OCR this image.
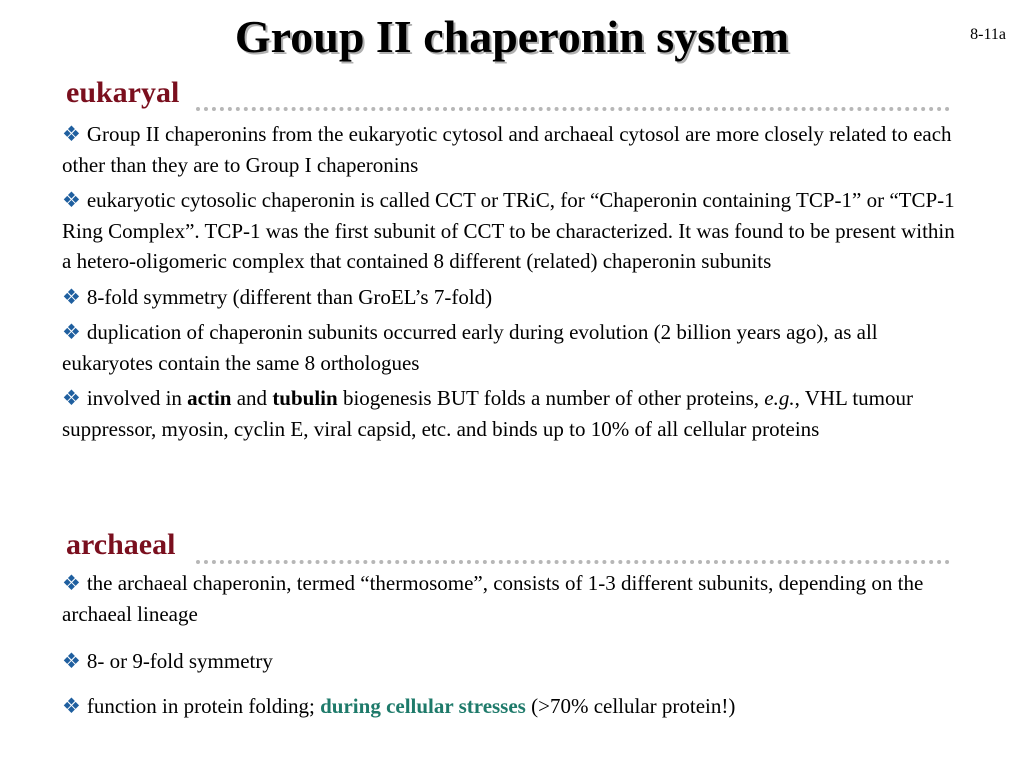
Group II chaperonin system	8-11a
eukaryal

❖ Group II chaperonins from the eukaryotic cytosol and archaeal cytosol are more closely related to each other than they are to Group I chaperonins

❖ eukaryotic cytosolic chaperonin is called CCT or TRiC, for “Chaperonin containing TCP-1” or “TCP-1 Ring Complex”. TCP-1 was the first subunit of CCT to be characterized. It was found to be present within a hetero-oligomeric complex that contained 8 different (related) chaperonin subunits

❖ 8-fold symmetry (different than GroEL’s 7-fold)

❖ duplication of chaperonin subunits occurred early during evolution (2 billion years ago), as all eukaryotes contain the same 8 orthologues

❖ involved in actin and tubulin biogenesis BUT folds a number of other proteins, e.g., VHL tumour suppressor, myosin, cyclin E, viral capsid, etc. and binds up to 10% of all cellular proteins

archaeal

❖ the archaeal chaperonin, termed “thermosome”, consists of 1-3 different subunits, depending on the archaeal lineage

❖ 8- or 9-fold symmetry

❖ function in protein folding; during cellular stresses (>70% cellular protein!)
